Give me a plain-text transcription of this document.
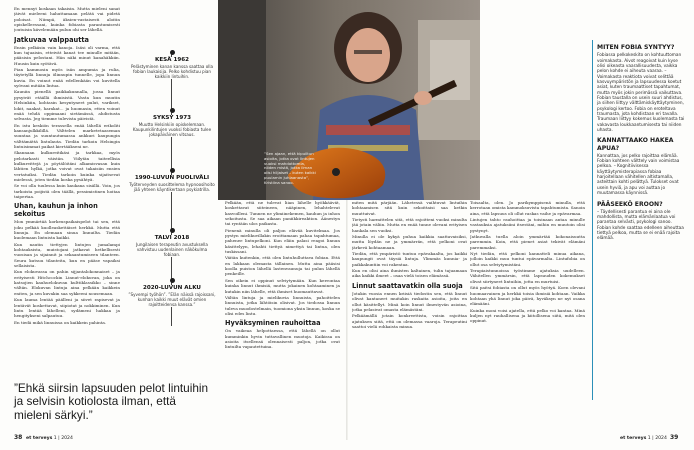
En mennyt koskaan takaisin. Mutta mieleni sanat jäivät mieleeni hahuttamaan pelätä vai pidetä poloisat. Niimpä, äksien-vastaisesti aloitin opiskelleessani, kuinka fobiasta parantumisesti joutuisin kävelemään pulun ohi ser lähellä.

Jatkuvaa valppautta

Ensin pelkäsin vain kanoja. Isäsi oli varma, että kun tajuaisin, etteivät kanat tee minulle mitään, pääsisin pelostani. Hän näki minut kanahäkkiin. Huusin kuin syötävä.

Pian kammosin myös isän ampumia ja rulia, täytetyllä linnuja ölinnupin tunnelle, jopa linnun kuvia. En voinut enää edellenkään voi kuvitella syövani mitään lintua.

Kauniin pienellä paikkakunnalla, jossa linnut pysyivät etäällä ihmisistä. Vasta kun muutin Helsinkiin, kohtasin kesyntyneet pulut, varikset, lokit, naakat, harakat... ja huomasin, etten voinut enää tehdä oppimaani sietämässä, ahdistusta selvasta. Jeg tiemme tulevista päivistä.

En istu keskiön terassella enää lähellä erikoliti kansanjulkkilillä. Välttelen marketetaaseman suuntaa ja suuntautumassa ankkuri kaupungin välttämättä lintulauta. Tiedän tarkoin Helsingin lintuisimmat paikat kiertääkseni ne.

Skannaan kulkureitikäsi ja tarkkaa, myös pelotarkasti väistän. Viilytän taiteellisia kulkureittejä ja pöytälöitäni alkamisvasan kuin lähtien hylkä, jotka voivat ovat takaisiin ensien vertatuiksi. Tiedän tarkoin kuinka sijaitsevat mielessä, joten tiedän koska pysähtyä.

Se voi olla tuulessa kuin kaukana sisällä. Voin, jos tarkoista poijistä olen täällä, pessimistinen hoitaa taipertaa.

Uhan, kauhun ja inhon sekoitus

Mon ymmärtää korkeuspaikaispelot tai sen, että joku pelkää kuolleaskettäiset herkkä. Mutta että linnuja. En olemaan sinua linnuilta. Tiedän kuolemaan lintuista kaikki.

Kun nautin tiettyjen lintujen jumalampi kohtauksista, muistojani jatkavat hetkellisesti vuosisan ja sijainnit ja sekaantumiseen tilanteen. Seura kutsuu tilanteita, kun en pääse vapaiksi sellaisista.

Kun elokuvassa on pahin sijjantalokonnaiset – ja erityisesti Hitchcockin Linnut-elokuvan, joka on katsojien kauhuelokuvan kulttiklassikko – sinne vältän. Elokuvan lintuja aina pelkään kaikkein eniten, ja sen kuvakin saa sykkeeni nousemaan.

Kun lauma lentää päälleni ja siivet rapisevat ja lentävät koskettavat, siipiotat ja nokkiminen. Kun lintu lentää lähelleni, sydämeni hakkaa ja hengitykseni salpautuu.

En tiedä mikä linnuissa on kaikkein pahinta.

KESÄ 1962
Pelästyminen kanan kanssa saattaa olla fobian laukaisija. Pelko kohdistuu pian kaikkiin lintuihin.
SYKSY 1973
Muutto Helsinkiin opiskelemaan. Kaupunkilintujen vuoksi fobiasta tulee jokapäiväinen vitsaus.
1990-LUVUN PUOLIVÄLI
Työterveyden suosittelema hypnoosihoito jää yhteen käyntikertaan psykiatrilla.
TALVI 2018
Jungilaisen terapeutin avustuksella vahvistuu uudenlainen näkökulma fobiaan.
2020-LUVUN ALKU
”Syvempi työhön”. ”Elän näissä rajoissani, kunhan kaikki muut elävät omien rajoitteidensa kanssa.”
”Ehkä siirsin lapsuuden pelot lintuihin ja selvisin kotiolosta ilman, että mieleni särkyi.”
”Sen ajaan, että kipuiltun asioita, jotka ovat lintujen vuoksi mahdottomia, niiden mistä, jotka ilman olisi hiljaiset – kuten kaikki puulamin juhlaanasta”, Kristiina sanoo.

Pelkään, että ne tulevat liian lähelle hyökkäävät, koskettavat siiteineen, nääpinen, lehahtelevat kasvoilleni. Tunnen ne ylimiinekemen, kauhun ja inhon sekoitusta. Se saa aikaan paniikkireaktion. Äänestyn tai ryntään ulos paikasta.

Pienenä minulla oli paljon elävää kuvitelmaa. Jos pystyn mielikuvillakin eroittamaan pahaa tapahtumaa, pahenee lintupelkoni. Kun eläin palasi reagoi linnun käsittelyyn, lehahti tiettyä nimettyä tai lintua, olen tuskissani.

Väitän kuitenkin, että olen lintuhulluttava fobian. Että en lakkaan olemasta tällainen. Mutta aina pääsisi koolla puiston lähellä lastenvaunuja tai pulun lähellä penkeille.

Sen oikein ei oppinut selviytymään. Kun kerrontaa kuinka linnut ihmisiä, mutta jokainen kohtaaminen ja kutakin niin lähelle, että ihmiset huomauttavat.

Vältän lintuja ja mielikuvia linnuista, pahoittelen linnuista, jotka lähtöisin olisivat. Jos tiedossa linnun tuleva muodostelmain, tuomiona yksin linnun, koska se olisi edes lintu.

Hyväksyminen rauhoittaa

On vaikeaa helpottaessa, että lähellä on ollut kumminkin hyvin tuttavallinen muotoja. Kaikissa on asioita itsellensä olennaisesti paljon, jotka ovat lintuilta vapautettuina.

miten mitä pärjään. Lähetessä vaihtuvat lintuihin kohtaamisen sitä kuin sekoittaisi saa ketkin muuttuivat.

Tietysti harmittelen sitä, että rajoitteni vuoksi minulta jää jotain väliin. Mutta en enää tunne olevani erityisen hankala sen vuoksi.

Minulla ei ole kykyä puhua kaikkia saattavaisiksi, mutta löydän ne ja ymmärrän, että pelkoni ovat järkevä kohtaamaan.

Tiedän, että ympäristö tuntuu epävakaalta, jos kaikki kaupungit ovat täysiä lintuja. Ylimmäs kunnia- ja paikkakuntiin voi rakentaa.

Kun en olisi aina ihmisten kaltainen, tulin tajuamaan aika kaikki ilmeet – osaa vielä toisen elämässä.

Linnut saattavatkin olla suoja

Jotakin vuosia ennen kriisiä tiedostin sen, että linnut olivat kantaneet muitakin raskaita asioita, joita en ollut käsittellyt. Minä koin linnut ilmestyvän asioina, jotka pelasivat omasta elämästäni.

Pelkäämällä jotain konkreettista, voisin rajoittaa ajatuksen siitä, että on olemassa vaaroja. Terapeutini saattoi vielä rohkaista minua.

Toisaalta, olen. Jo parikymppisenä minulla, että kerrotaan omista kammoksuvista tapahtumista. Sanoin aina, että lapsuus oli ollut raskas vaihe ja epävarmaa.

Lintujen tahto rauhoittaa ja toisinaan antaa minulle vastauksia ajatuksiini itsestäni, mihin en muutoin olisi pystynyt.

Jatkuvalla tuella aloin ymmärtää kokonaisuutta paremmin. Koin, että pienet asiat tekivät elämäni paremmaksi.

Nyt tiedän, että pelkoni kannatteli minua aikana, jolloin kaikki muu tuntui epävarmalta. Lintufobia on ollut osa selviytymistäni.

Terapiaistunnoissa työstimme ajatuksia uudelleen. Vähitellen ymmärsin, että lapsuuden kokemukset olivat siirtyneet lintuihin, jotta en murtuisi.

Sitä paitsi fobiasta on ollut myös hyötyä. Koen olevani huomaavainen ja herkkä toisia ihmisiä kohtaan. Vaikka kohtaan yhä linnut joka päivä, hyväksyn ne nyt osana elämääni.

Kuinka moni voisi ajatella, että pelko voi kantaa. Minä kuljen nyt rauhallisena ja kiitollisena siitä, mitä olen oppinut.

MITEN FOBIA SYNTYY?
Fobiassa pelkokeskito on kohtuuttoman voimakasta. Aivot reagoivat kuin kyse olisi oikeasta vaarallisuudesta, vaikka pelon kohde ei aiheuta vaaraa. – Voimakasta reaktiota voivat selittää kasvuympäristön ja lapsuudessa koetut asiat, kuten traumaattiset tapahtumat, mutta myös jokin perimässä vaikuttava. Fobian taustalla on usein suuri ahdistus, ja siihen liittyy välttämiskäyttäytyminen, psykologi kertoo. Fobia on eroteltava traumasta, jota kohdistaan eri tavalla. Traumaan liittyy kokemus kuolemasta tai vakavasta loukkaantumisesta tai niiden uhasta.
KANNATTAAKO HAKEA APUA?
Kannattaa, jos pelko rajoittaa elämää. Fobian kohteen välttely vain voimistaa pelkoa. – Kognitiivisessa käyttäytymisterapiassa fobiaa harjoitellaan vähitellen altistamalla, asteittain kohti pelättyä. Tulokset ovat usein hyviä, ja apu voi auttaa jo muutamassa käynnissä.
PÄÄSEEKÖ EROON?
– Täydellisesti parantua ei aina ole mahdollista, mutta elämänlaatua voi parantaa selvästi, psykologi sanoo. Fobian kohde saattaa edelleen aiheuttaa tiettyä pelkoa, mutta se ei enää rajoita elämää.
38 et terveys 1 | 2024	et terveys 1 | 2024 39
